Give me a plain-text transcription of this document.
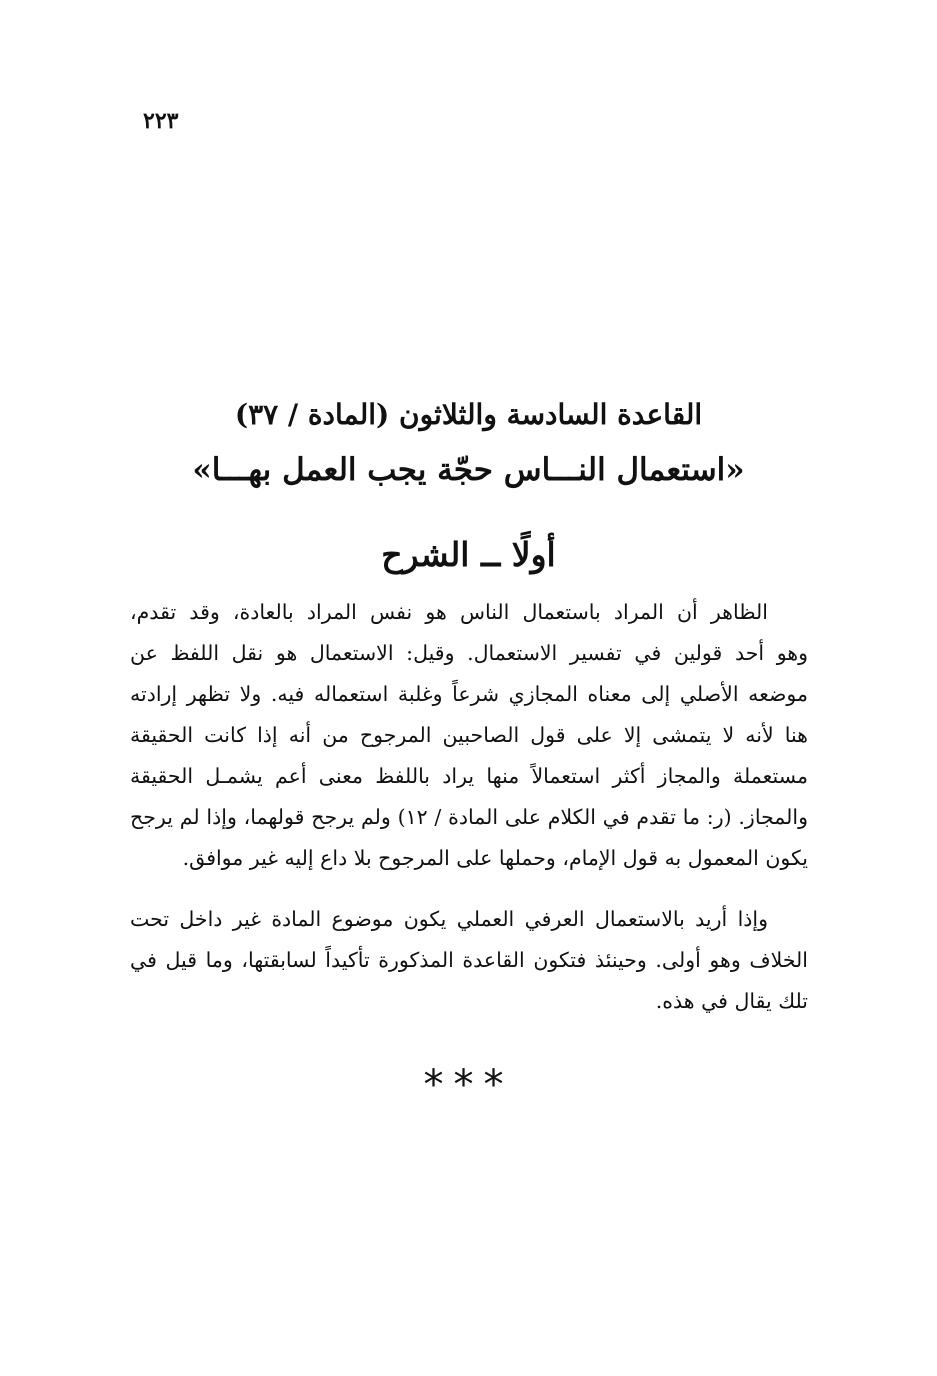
٢٢٣
القاعدة السادسة والثلاثون (المادة / ٣٧)
«استعمال النـــاس حجّة يجب العمل بهـــا»
أولًا ــ الشرح
الظاهر أن المراد باستعمال الناس هو نفس المراد بالعادة، وقد تقدم،
وهو أحد قولين في تفسير الاستعمال. وقيل: الاستعمال هو نقل اللفظ عن
موضعه الأصلي إلى معناه المجازي شرعاً وغلبة استعماله فيه. ولا تظهر إرادته
هنا لأنه لا يتمشى إلا على قول الصاحبين المرجوح من أنه إذا كانت الحقيقة
مستعملة والمجاز أكثر استعمالاً منها يراد باللفظ معنى أعم يشمـل الحقيقة
والمجاز. (ر: ما تقدم في الكلام على المادة / ١٢) ولم يرجح قولهما، وإذا لم يرجح
يكون المعمول به قول الإمام، وحملها على المرجوح بلا داع إليه غير موافق.
وإذا أريد بالاستعمال العرفي العملي يكون موضوع المادة غير داخل تحت
الخلاف وهو أولى. وحينئذ فتكون القاعدة المذكورة تأكيداً لسابقتها، وما قيل في
تلك يقال في هذه.
***
